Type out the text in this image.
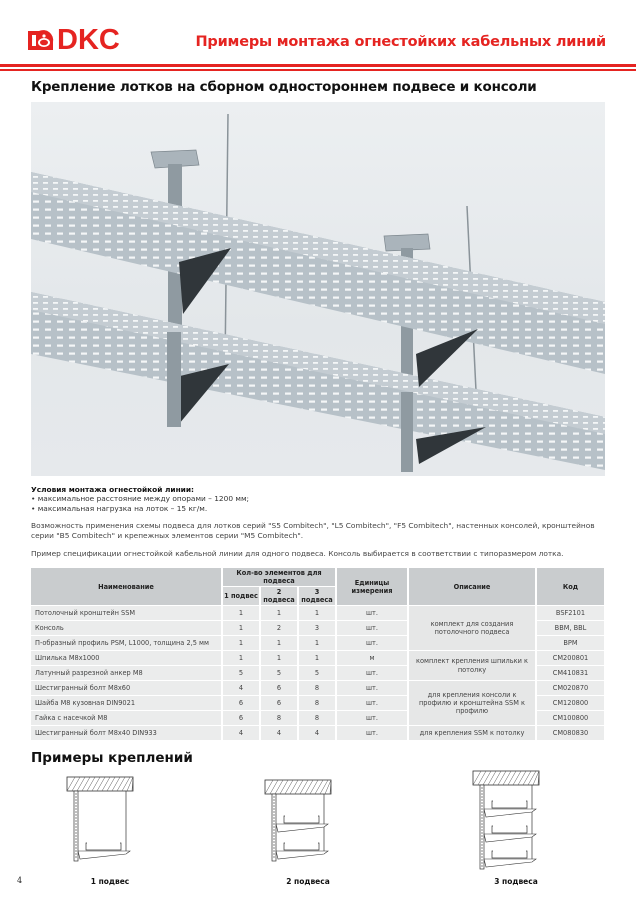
DKC	Примеры монтажа огнестойких кабельных линий
Крепление лотков на сборном одностороннем подвесе и консоли
Условия монтажа огнестойкой линии:
• максимальное расстояние между опорами – 1200 мм;
• максимальная нагрузка на лоток – 15 кг/м.
Возможность применения схемы подвеса для лотков серий "S5 Combitech", "L5 Combitech", "F5 Combitech", настенных консолей, кронштейнов серии "B5 Combitech" и крепежных элементов серии "M5 Combitech".
Пример спецификации огнестойкой кабельной линии для одного подвеса. Консоль выбирается в соответствии с типоразмером лотка.
Наименование	Кол-во элементов для подвеса			Единицы измерения	Описание	Код
	1 подвес	2 подвеса	3 подвеса			
Потолочный кронштейн SSM	1	1	1	шт.	комплект для создания потолочного подвеса	BSF2101
Консоль	1	2	3	шт.		BBM, BBL
П-образный профиль PSM, L1000, толщина 2,5 мм	1	1	1	шт.		BPM
Шпилька M8x1000	1	1	1	м	комплект крепления шпильки к потолку	CM200801
Латунный разрезной анкер M8	5	5	5	шт.		CM410831
Шестигранный болт M8x60	4	6	8	шт.	для крепления консоли к профилю и кронштейна SSM к профилю	CM020870
Шайба M8 кузовная DIN9021	6	6	8	шт.		CM120800
Гайка с насечкой M8	6	8	8	шт.		CM100800
Шестигранный болт M8x40 DIN933	4	4	4	шт.	для крепления SSM к потолку	CM080830
Примеры креплений
1 подвес	2 подвеса	3 подвеса
4
